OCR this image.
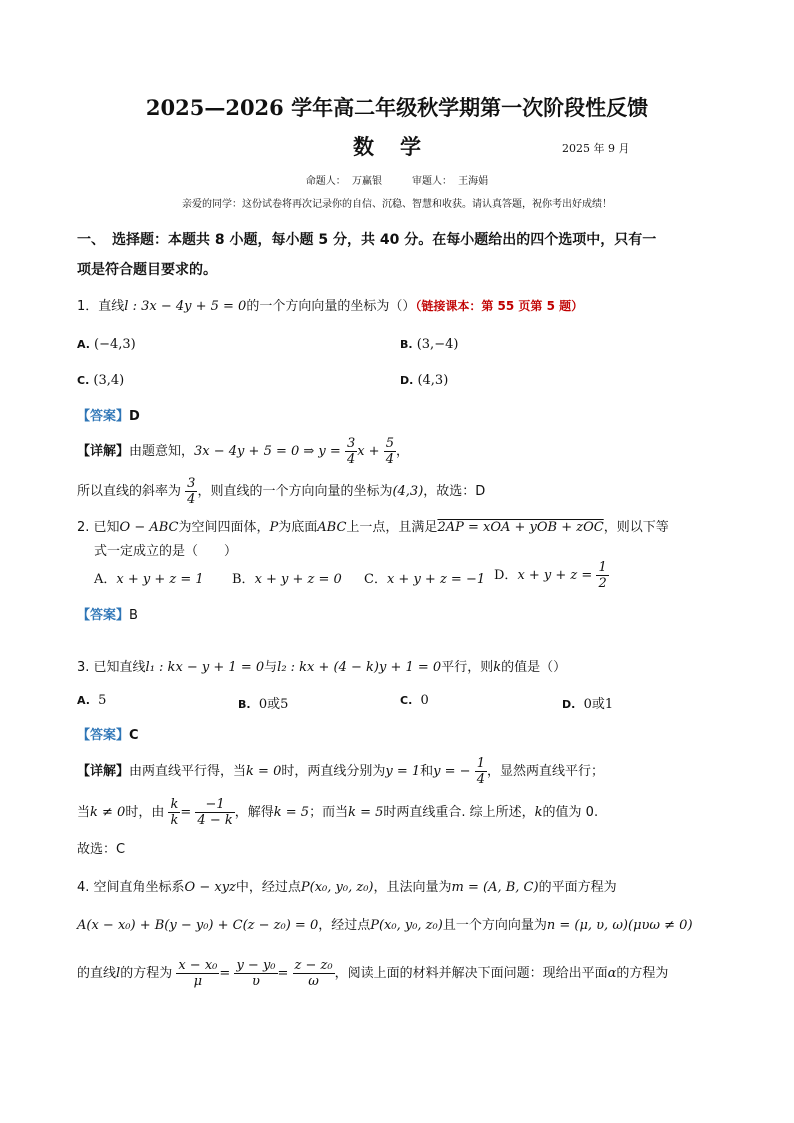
2025—2026 学年高二年级秋学期第一次阶段性反馈
数学	2025 年 9 月
命题人： 万赢银　　　审题人： 王海娟
亲爱的同学：这份试卷将再次记录你的自信、沉稳、智慧和收获。请认真答题，祝你考出好成绩！
一、　选择题：本题共 8 小题，每小题 5 分，共 40 分。在每小题给出的四个选项中，只有一
项是符合题目要求的。
1．直线l : 3x − 4y + 5 = 0的一个方向向量的坐标为（）（链接课本：第 55 页第 5 题）
A. (−4,3)	B. (3,−4)
C. (3,4)	D. (4,3)
【答案】D
【详解】由题意知，3x − 4y + 5 = 0 ⇒ $y = \frac{3}{4}$ $x + \frac{5}{4}$ ，
所以直线的斜率为 $\frac{3}{4}$ ，则直线的一个方向向量的坐标为(4,3)，故选：D
2. 已知O − ABC为空间四面体，P为底面ABC上一点，且满足2AP = xOA + yOB + zOC，则以下等
式一定成立的是（　　）
A．x + y + z = 1 B．x + y + z = 0 C．x + y + z = −1 D．$x + y + z = \frac{1}{2}$
【答案】B
3. 已知直线l₁ : kx − y + 1 = 0与l₂ : kx + (4 − k)y + 1 = 0平行，则k的值是（）
A. 5	B. 0或5	C. 0	D. 0或1
【答案】C
【详解】由两直线平行得，当k = 0时，两直线分别为y = 1和y = − $\frac{1}{4}$ ，显然两直线平行；
当k ≠ 0时，由 $\frac{k}{k} = \frac{-1}{4 - k}$ ，解得k = 5；而当k = 5时两直线重合. 综上所述，k的值为 0.
故选：C
4. 空间直角坐标系O − xyz中，经过点P(x₀, y₀, z₀)，且法向量为m = (A, B, C)的平面方程为
A(x − x₀) + B(y − y₀) + C(z − z₀) = 0，经过点P(x₀, y₀, z₀)且一个方向向量为n = (μ, υ, ω)(μυω ≠ 0)
的直线l的方程为 $\frac{\text{x − x₀}}{\mu} = \frac{\text{y − y₀}}{\upsilon} = \frac{\text{z − z₀}}{\omega}$ ，阅读上面的材料并解决下面问题：现给出平面α的方程为
